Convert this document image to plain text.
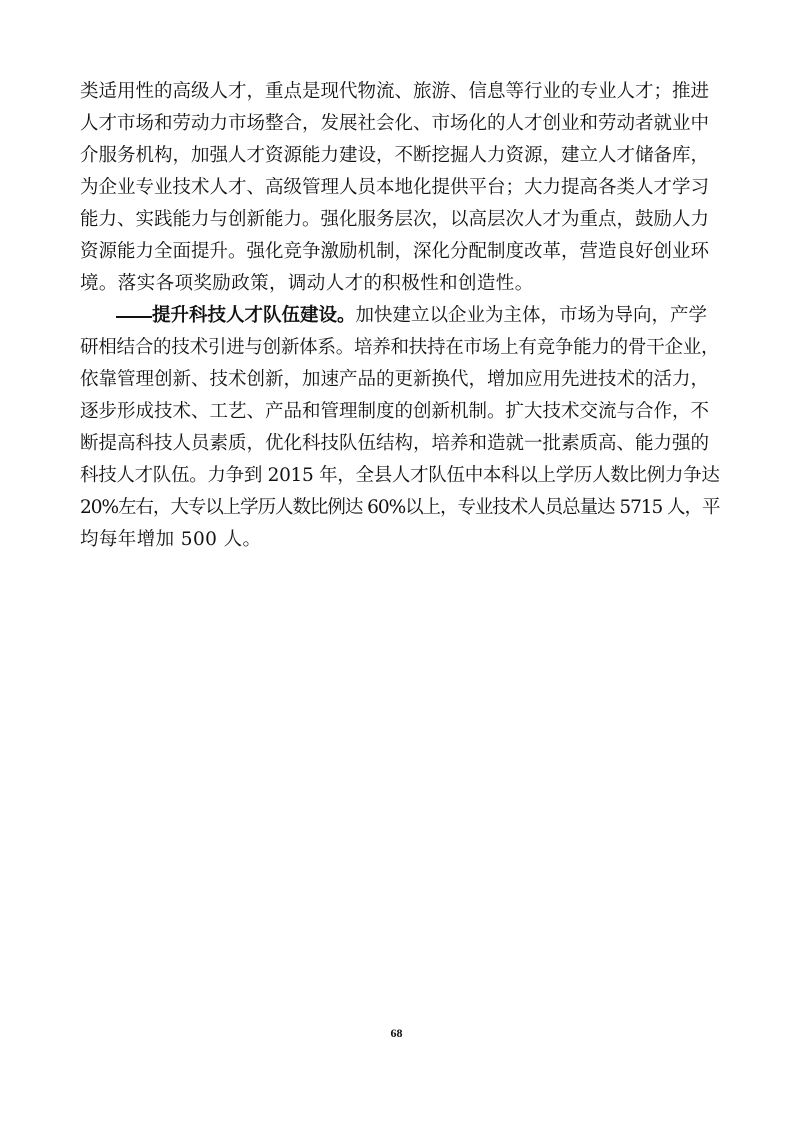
类适用性的高级人才，重点是现代物流、旅游、信息等行业的专业人才；推进
人才市场和劳动力市场整合，发展社会化、市场化的人才创业和劳动者就业中
介服务机构，加强人才资源能力建设，不断挖掘人力资源，建立人才储备库，
为企业专业技术人才、高级管理人员本地化提供平台；大力提高各类人才学习
能力、实践能力与创新能力。强化服务层次，以高层次人才为重点，鼓励人力
资源能力全面提升。强化竞争激励机制，深化分配制度改革，营造良好创业环
境。落实各项奖励政策，调动人才的积极性和创造性。
提升科技人才队伍建设。加快建立以企业为主体，市场为导向，产学
研相结合的技术引进与创新体系。培养和扶持在市场上有竞争能力的骨干企业，
依靠管理创新、技术创新，加速产品的更新换代，增加应用先进技术的活力，
逐步形成技术、工艺、产品和管理制度的创新机制。扩大技术交流与合作，不
断提高科技人员素质，优化科技队伍结构，培养和造就一批素质高、能力强的
科技人才队伍。力争到 2015 年，全县人才队伍中本科以上学历人数比例力争达
20%左右，大专以上学历人数比例达 60%以上，专业技术人员总量达 5715 人，平
均每年增加 500 人。
68
